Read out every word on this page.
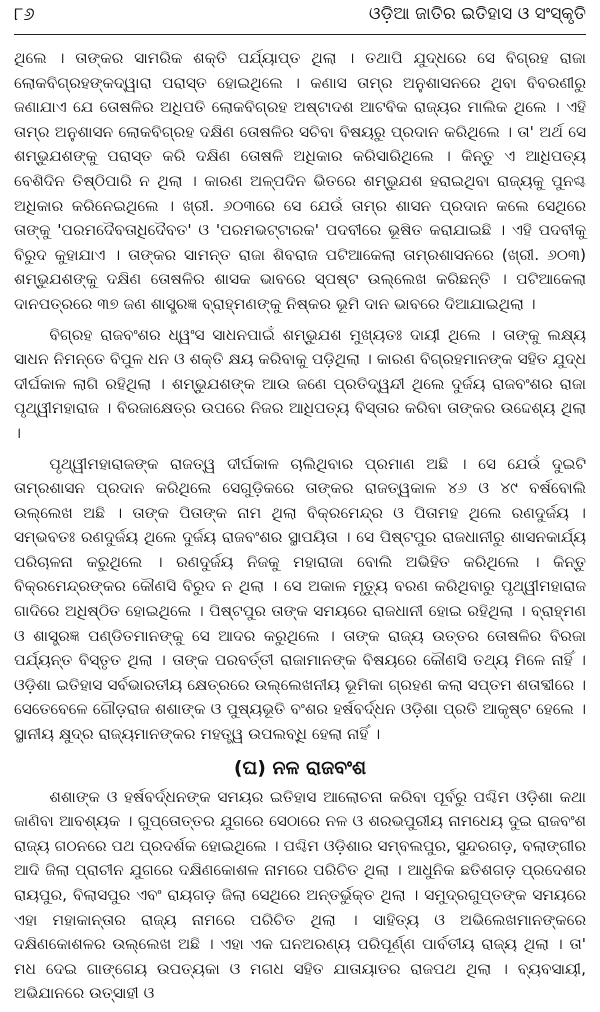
୮୬	ଓଡ଼ିଆ ଜାତିର ଇତିହାସ ଓ ସଂସ୍କୃତି

ଥିଲେ । ତାଙ୍କର ସାମରିକ ଶକ୍ତି ପର୍ଯ୍ୟାପ୍ତ ଥିଲା । ତଥାପି ଯୁଦ୍ଧରେ ସେ ବିଗ୍ରହ ରାଜା ଲୋକବିଗ୍ରହଙ୍କଦ୍ୱାରା ପରାସ୍ତ ହୋଇଥିଲେ । କଣାସ ତାମ୍ର ଅନୁଶାସନରେ ଥିବା ବିବରଣୀରୁ ଜଣାଯାଏ ଯେ ତୋଷଳିର ଅଧିପତି ଲୋକବିଗ୍ରହ ଅଷ୍ଟାଦଶ ଆଟବିକ ରାଜ୍ୟର ମାଲିକ ଥିଲେ । ଏହି ତାମ୍ର ଅନୁଶାସନ ଲୋକବିଗ୍ରହ ଦକ୍ଷିଣ ତୋଷଳିର ସଚିବା ବିଷୟରୁ ପ୍ରଦାନ କରିଥିଲେ । ତା' ଅର୍ଥ ସେ ଶମ୍ଭୁଯଶଙ୍କୁ ପରାସ୍ତ କରି ଦକ୍ଷିଣ ତୋଷଳି ଅଧିକାର କରିସାରିଥିଲେ । କିନ୍ତୁ ଏ ଆଧିପତ୍ୟ ବେଶିଦିନ ତିଷ୍ଠିପାରି ନ ଥିଲା । କାରଣ ଅଳ୍ପଦିନ ଭିତରେ ଶମ୍ଭୁଯଶ ହରାଇଥିବା ରାଜ୍ୟକୁ ପୁନଶ୍ଚ ଅଧିକାର କରିନେଇଥିଲେ । ଖ୍ରୀ. ୬୦୩ରେ ସେ ଯେଉଁ ତାମ୍ର ଶାସନ ପ୍ରଦାନ କଲେ ସେଥିରେ ତାଙ୍କୁ 'ପରମଦୈବତାଧିଦୈବତ' ଓ 'ପରମଭଟ୍ଟାରକ' ପଦବୀରେ ଭୂଷିତ କରାଯାଇଛି । ଏହି ପଦବୀକୁ ବିରୁଦ କୁହାଯାଏ । ତାଙ୍କର ସାମନ୍ତ ରାଜା ଶିବରାଜ ପଟିଆକେଲା ତାମ୍ରଶାସନରେ (ଖ୍ରୀ. ୬୦୩) ଶମ୍ଭୁଯଶଙ୍କୁ ଦକ୍ଷିଣ ତୋଷଳିର ଶାସକ ଭାବରେ ସ୍ପଷ୍ଟ ଉଲ୍ଲେଖ କରିଛନ୍ତି । ପଟିଆକେଲା ଦାନପତ୍ରରେ ୩୭ ଜଣ ଶାସ୍ତ୍ରଜ୍ଞ ବ୍ରାହ୍ମଣଙ୍କୁ ନିଷ୍କର ଭୂମି ଦାନ ଭାବରେ ଦିଆଯାଇଥିଲା ।

ବିଗ୍ରହ ରାଜବଂଶର ଧ୍ୱଂସ ସାଧନପାଇଁ ଶମ୍ଭୁଯଶ ମୁଖ୍ୟତଃ ଦାୟୀ ଥିଲେ । ତାଙ୍କୁ ଲକ୍ଷ୍ୟ ସାଧନ ନିମନ୍ତେ ବିପୁଳ ଧନ ଓ ଶକ୍ତି କ୍ଷୟ କରିବାକୁ ପଡ଼ିଥିଲା । କାରଣ ବିଗ୍ରହମାନଙ୍କ ସହିତ ଯୁଦ୍ଧ ଦୀର୍ଘକାଳ ଲାଗି ରହିଥିଲା । ଶମ୍ଭୁଯଶଙ୍କ ଆଉ ଜଣେ ପ୍ରତିଦ୍ୱନ୍ଦୀ ଥିଲେ ଦୁର୍ଜୟ ରାଜବଂଶର ରାଜା ପୃଥ୍ୱୀମହାରାଜ । ବିରଜାକ୍ଷେତ୍ର ଉପରେ ନିଜର ଆଧିପତ୍ୟ ବିସ୍ତାର କରିବା ତାଙ୍କର ଉଦ୍ଦେଶ୍ୟ ଥିଲା ।

ପୃଥ୍ୱୀମହାରାଜଙ୍କ ରାଜତ୍ୱ ଦୀର୍ଘକାଳ ଚାଲିଥିବାର ପ୍ରମାଣ ଅଛି । ସେ ଯେଉଁ ଦୁଇଟି ତାମ୍ରଶାସନ ପ୍ରଦାନ କରିଥିଲେ ସେଗୁଡ଼ିକରେ ତାଙ୍କର ରାଜତ୍ୱକାଳ ୪୬ ଓ ୪୯ ବର୍ଷବୋଲି ଉଲ୍ଲେଖ ଅଛି । ତାଙ୍କ ପିତାଙ୍କ ନାମ ଥିଲା ବିକ୍ରମେନ୍ଦ୍ର ଓ ପିତାମହ ଥିଲେ ରଣଦୁର୍ଜୟ । ସମ୍ଭବତଃ ରଣଦୁର୍ଜୟ ଥିଲେ ଦୁର୍ଜୟ ରାଜବଂଶର ସ୍ଥାପୟିତା । ସେ ପିଷ୍ଟପୁର ରାଜଧାନୀରୁ ଶାସନକାର୍ଯ୍ୟ ପରିଚାଳନା କରୁଥିଲେ । ରଣଦୁର୍ଜୟ ନିଜକୁ ମହାରାଜା ବୋଲି ଅଭିହିତ କରିଥିଲେ । କିନ୍ତୁ ବିକ୍ରମେନ୍ଦ୍ରଙ୍କର କୌଣସି ବିରୁଦ ନ ଥିଲା । ସେ ଅକାଳ ମୃତ୍ୟୁ ବରଣ କରିଥିବାରୁ ପୃଥ୍ୱୀମହାରାଜ ଗାଦିରେ ଅଧିଷ୍ଠିତ ହୋଇଥିଲେ । ପିଷ୍ଟପୁର ତାଙ୍କ ସମୟରେ ରାଜଧାନୀ ହୋଇ ରହିଥିଲା । ବ୍ରାହ୍ମଣ ଓ ଶାସ୍ତ୍ରଜ୍ଞ ପଣ୍ଡିତମାନଙ୍କୁ ସେ ଆଦର କରୁଥିଲେ । ତାଙ୍କ ରାଜ୍ୟ ଉତ୍ତର ତୋଷଳିର ବିରଜା ପର୍ଯ୍ୟନ୍ତ ବିସ୍ତୃତ ଥିଲା । ତାଙ୍କ ପରବର୍ତ୍ତୀ ରାଜାମାନଙ୍କ ବିଷୟରେ କୌଣସି ତଥ୍ୟ ମିଳେ ନାହିଁ । ଓଡ଼ିଶା ଇତିହାସ ସର୍ବଭାରତୀୟ କ୍ଷେତ୍ରରେ ଉଲ୍ଲେଖନୀୟ ଭୂମିକା ଗ୍ରହଣ କଲା ସପ୍ତମ ଶତାବ୍ଦୀରେ । ସେତେବେଳେ ଗୌଡ଼ରାଜ ଶଶାଙ୍କ ଓ ପୁଷ୍ୟଭୂତି ବଂଶର ହର୍ଷବର୍ଦ୍ଧନ ଓଡ଼ିଶା ପ୍ରତି ଆକୃଷ୍ଟ ହେଲେ । ସ୍ଥାନୀୟ କ୍ଷୁଦ୍ର ରାଜ୍ୟମାନଙ୍କର ମହତ୍ତ୍ୱ ଉପଲବ୍ଧି ହେଲା ନାହିଁ ।

(ଘ) ନଳ ରାଜବଂଶ

ଶଶାଙ୍କ ଓ ହର୍ଷବର୍ଦ୍ଧନଙ୍କ ସମୟର ଇତିହାସ ଆଲୋଚନା କରିବା ପୂର୍ବରୁ ପଶ୍ଚିମ ଓଡ଼ିଶା କଥା ଜାଣିବା ଆବଶ୍ୟକ । ଗୁପ୍ତୋତ୍ତର ଯୁଗରେ ସେଠାରେ ନଳ ଓ ଶରଭପୁରୀୟ ନାମଧେୟ ଦୁଇ ରାଜବଂଶ ରାଜ୍ୟ ଗଠନରେ ପଥ ପ୍ରଦର୍ଶକ ହୋଇଥିଲେ । ପଶ୍ଚିମ ଓଡ଼ିଶାର ସମ୍ବଲପୁର, ସୁନ୍ଦରଗଡ଼, ବଲାଙ୍ଗୀର ଆଦି ଜିଲା ପ୍ରାଚୀନ ଯୁଗରେ ଦକ୍ଷିଣକୋଶଳ ନାମରେ ପରିଚିତ ଥିଲା । ଆଧୁନିକ ଛତିଶଗଡ଼ ପ୍ରଦେଶର ରାୟପୁର, ବିଲାସପୁର ଏବଂ ରାୟଗଡ଼ ଜିଲା ସେଥିରେ ଅନ୍ତର୍ଭୁକ୍ତ ଥିଲା । ସମୁଦ୍ରଗୁପ୍ତଙ୍କ ସମୟରେ ଏହା ମହାକାନ୍ତାର ରାଜ୍ୟ ନାମରେ ପରିଚିତ ଥିଲା । ସାହିତ୍ୟ ଓ ଅଭିଲେଖମାନଙ୍କରେ ଦକ୍ଷିଣକୋଶଳର ଉଲ୍ଲେଖ ଅଛି । ଏହା ଏକ ଘନଅରଣ୍ୟ ପରିପୂର୍ଣ୍ଣ ପାର୍ବତୀୟ ରାଜ୍ୟ ଥିଲା । ତା' ମଧ ଦେଇ ଗାଙ୍ଗେୟ ଉପତ୍ୟକା ଓ ମଗଧ ସହିତ ଯାତାୟାତର ରାଜପଥ ଥିଲା । ବ୍ୟବସାୟୀ, ଅଭିଯାନରେ ଉତ୍ସାହୀ ଓ
